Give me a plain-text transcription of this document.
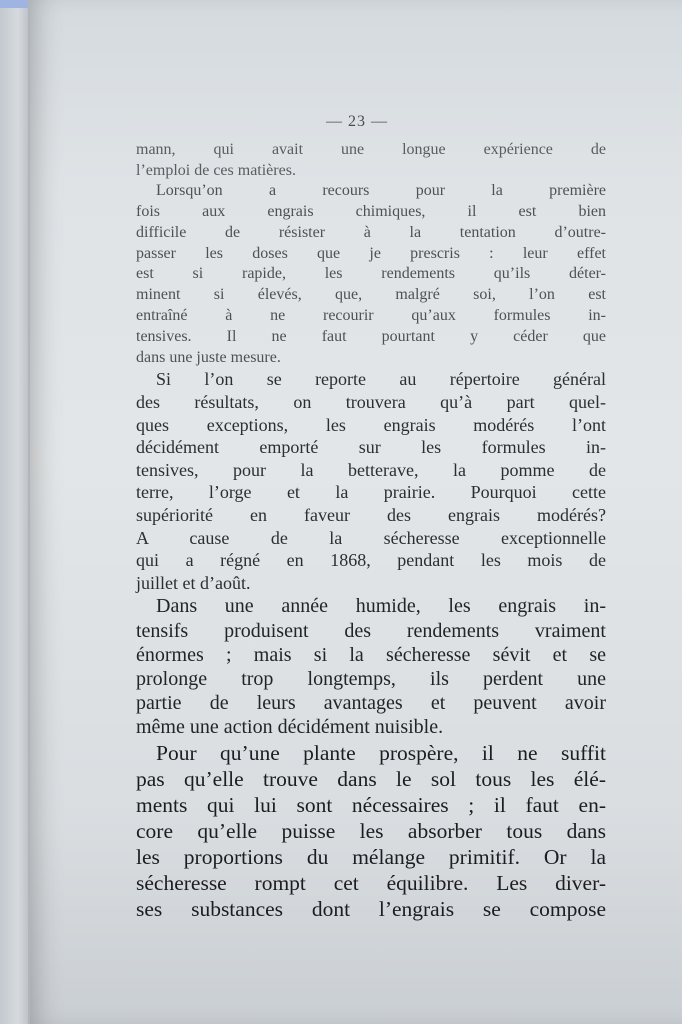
— 23 —
mann, qui avait une longue expérience de
l’emploi de ces matières.
Lorsqu’on a recours pour la première
fois aux engrais chimiques, il est bien
difficile de résister à la tentation d’outre-
passer les doses que je prescris : leur effet
est si rapide, les rendements qu’ils déter-
minent si élevés, que, malgré soi, l’on est
entraîné à ne recourir qu’aux formules in-
tensives. Il ne faut pourtant y céder que
dans une juste mesure.
Si l’on se reporte au répertoire général
des résultats, on trouvera qu’à part quel-
ques exceptions, les engrais modérés l’ont
décidément emporté sur les formules in-
tensives, pour la betterave, la pomme de
terre, l’orge et la prairie. Pourquoi cette
supériorité en faveur des engrais modérés?
A cause de la sécheresse exceptionnelle
qui a régné en 1868, pendant les mois de
juillet et d’août.
Dans une année humide, les engrais in-
tensifs produisent des rendements vraiment
énormes ; mais si la sécheresse sévit et se
prolonge trop longtemps, ils perdent une
partie de leurs avantages et peuvent avoir
même une action décidément nuisible.
Pour qu’une plante prospère, il ne suffit
pas qu’elle trouve dans le sol tous les élé-
ments qui lui sont nécessaires ; il faut en-
core qu’elle puisse les absorber tous dans
les proportions du mélange primitif. Or la
sécheresse rompt cet équilibre. Les diver-
ses substances dont l’engrais se compose
